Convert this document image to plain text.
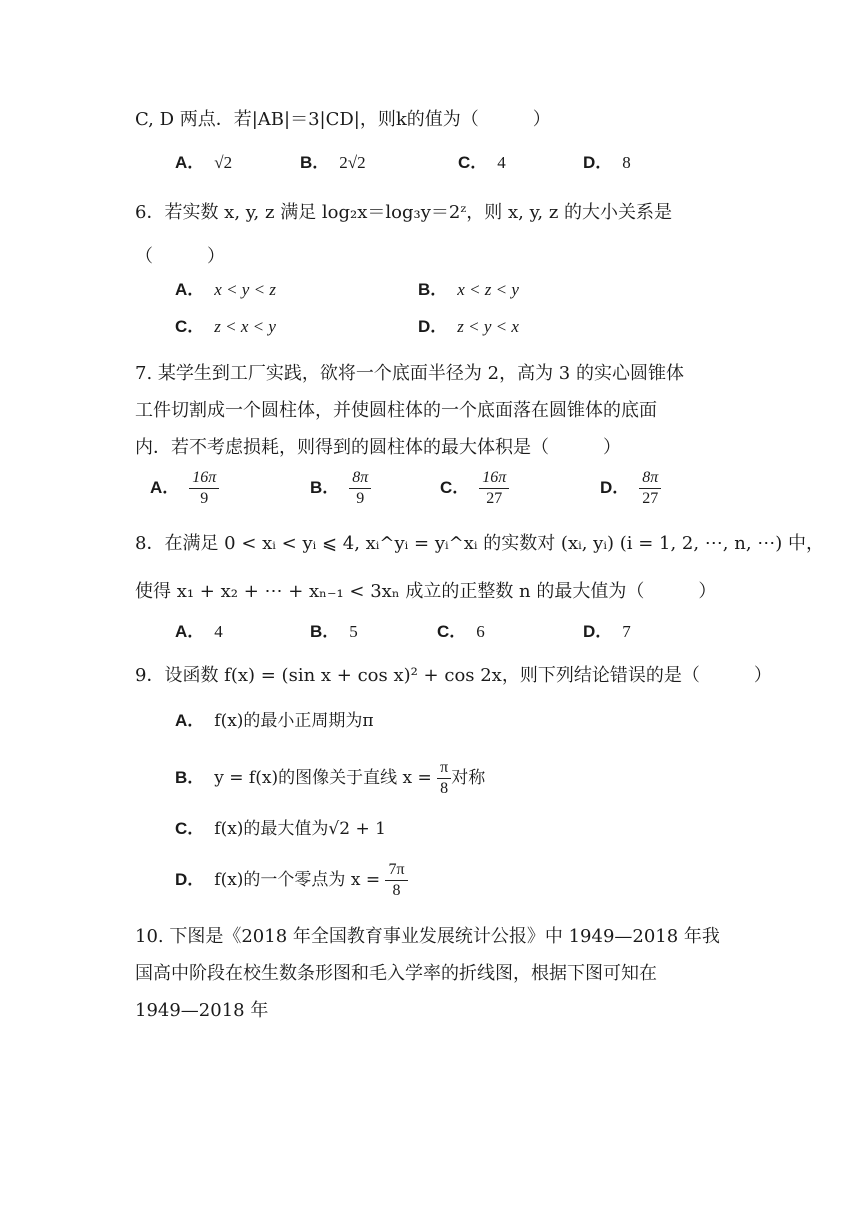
C, D 两点．若|AB|＝3|CD|，则k的值为（　　　）
A． √2	B． 2√2	C． 4	D． 8
6．若实数 x, y, z 满足 log₂x＝log₃y＝2ᶻ，则 x, y, z 的大小关系是
（　　　）
A． x < y < z	B． x < z < y
C． z < x < y	D． z < y < x
7. 某学生到工厂实践，欲将一个底面半径为 2，高为 3 的实心圆锥体
工件切割成一个圆柱体，并使圆柱体的一个底面落在圆锥体的底面
内．若不考虑损耗，则得到的圆柱体的最大体积是（　　　）
A． $\frac{16\pi}{9}$	B． $\frac{8\pi}{9}$	C． $\frac{16\pi}{27}$	D． $\frac{8\pi}{27}$
8．在满足 0 < xᵢ < yᵢ ⩽ 4, xᵢ^yᵢ = yᵢ^xᵢ 的实数对 (xᵢ, yᵢ) (i = 1, 2, ⋯, n, ⋯) 中，
使得 x₁ + x₂ + ⋯ + xₙ₋₁ < 3xₙ 成立的正整数 n 的最大值为（　　　）
A． 4	B． 5	C． 6	D． 7
9．设函数 f(x) = (sin x + cos x)² + cos 2x，则下列结论错误的是（　　　）
A． f(x)的最小正周期为π
B． y = f(x)的图像关于直线 $x = \frac{\pi}{8}$ 对称
C． f(x)的最大值为√2 + 1
D． f(x)的一个零点为 $x = \frac{7\pi}{8}$
10. 下图是《2018 年全国教育事业发展统计公报》中 1949—2018 年我
国高中阶段在校生数条形图和毛入学率的折线图，根据下图可知在
1949—2018 年
